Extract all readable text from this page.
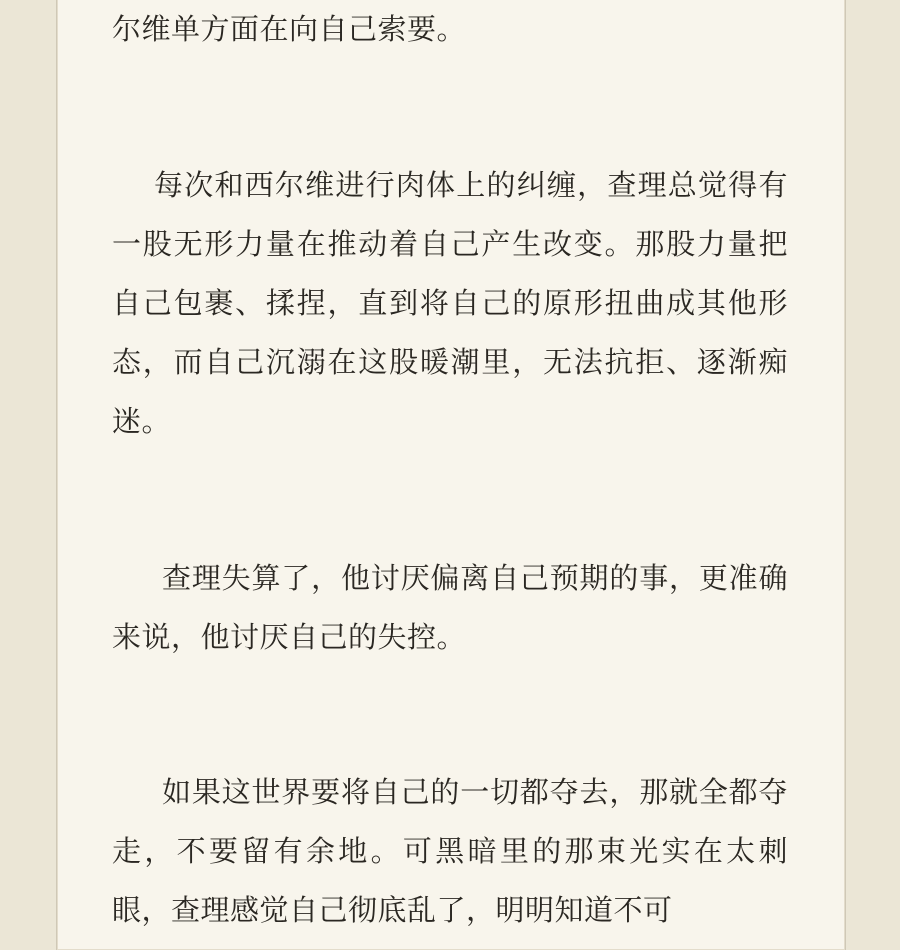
尔维单方面在向自己索要。

每次和西尔维进行肉体上的纠缠，查理总觉得有一股无形力量在推动着自己产生改变。那股力量把自己包裹、揉捏，直到将自己的原形扭曲成其他形态，而自己沉溺在这股暖潮里，无法抗拒、逐渐痴迷。

查理失算了，他讨厌偏离自己预期的事，更准确来说，他讨厌自己的失控。

如果这世界要将自己的一切都夺去，那就全都夺走，不要留有余地。可黑暗里的那束光实在太刺眼，查理感觉自己彻底乱了，明明知道不可
